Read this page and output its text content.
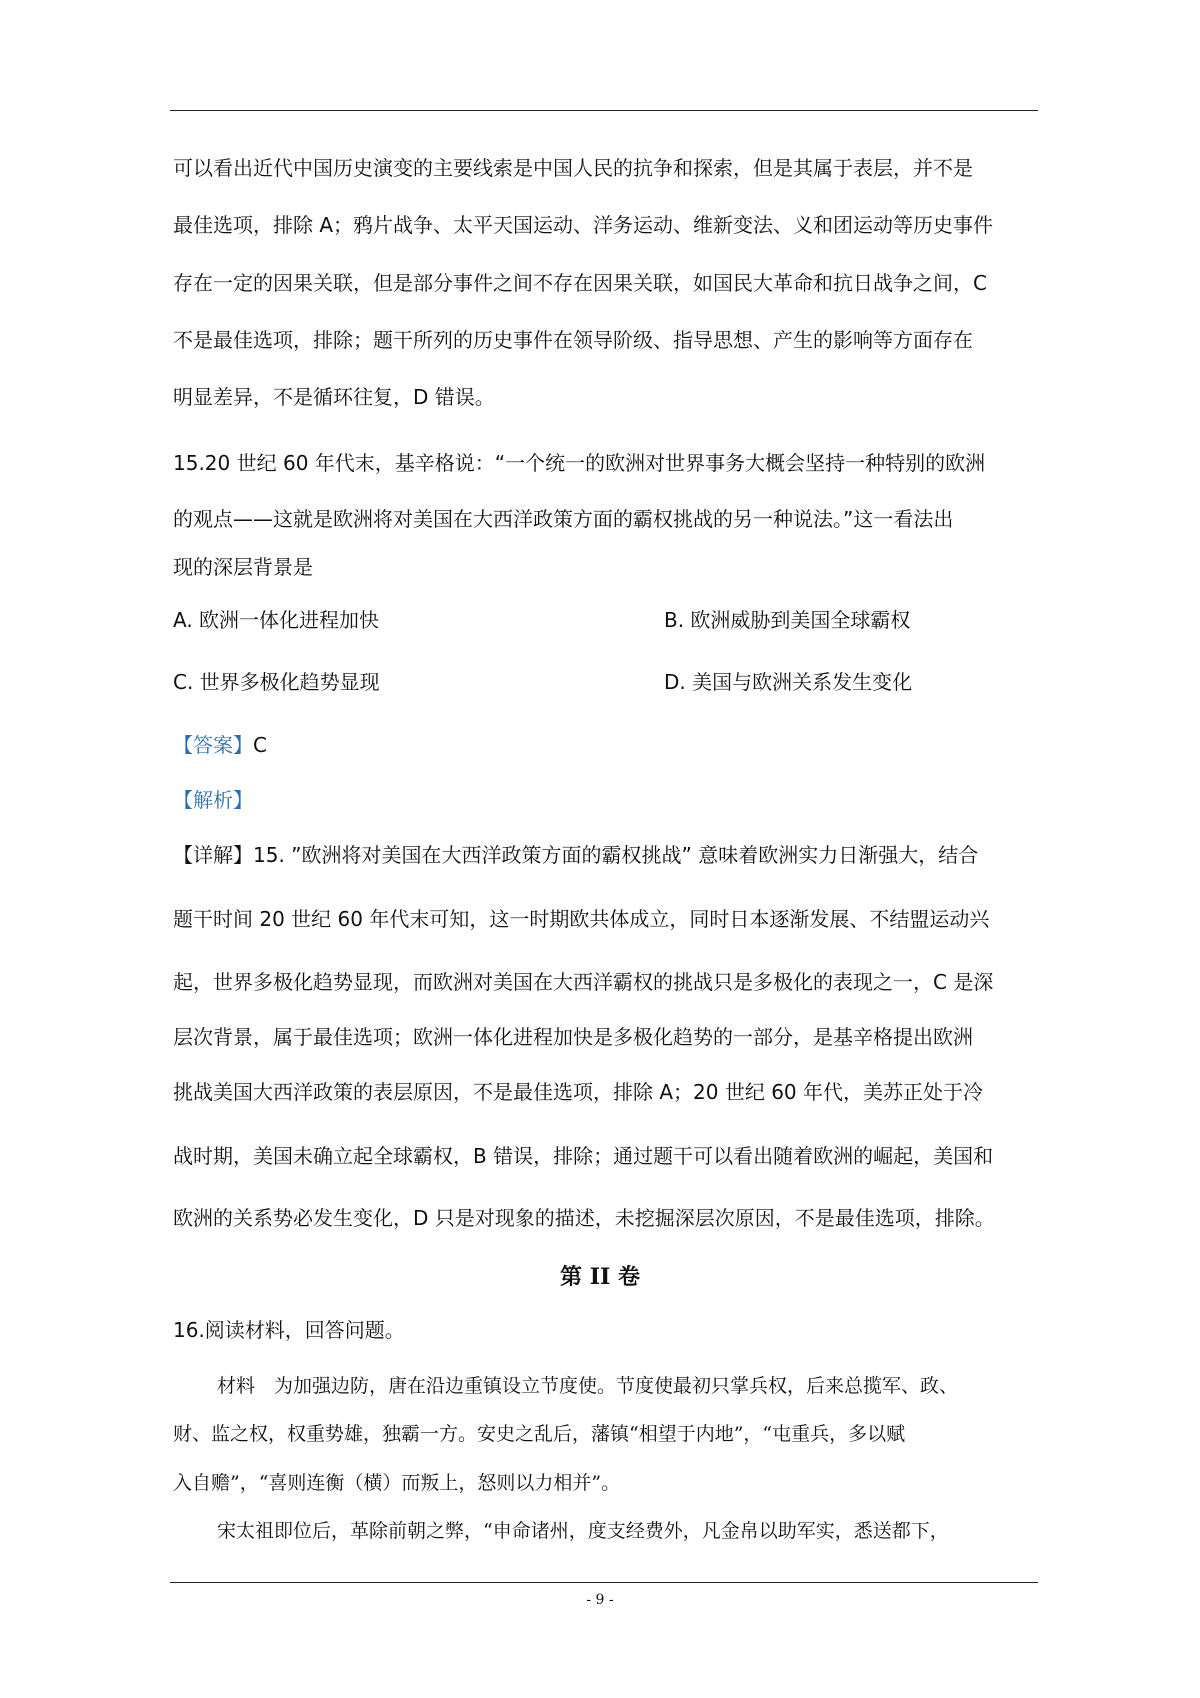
可以看出近代中国历史演变的主要线索是中国人民的抗争和探索，但是其属于表层，并不是
最佳选项，排除 A；鸦片战争、太平天国运动、洋务运动、维新变法、义和团运动等历史事件
存在一定的因果关联，但是部分事件之间不存在因果关联，如国民大革命和抗日战争之间，C
不是最佳选项，排除；题干所列的历史事件在领导阶级、指导思想、产生的影响等方面存在
明显差异，不是循环往复，D 错误。
15.20 世纪 60 年代末，基辛格说：“一个统一的欧洲对世界事务大概会坚持一种特别的欧洲
的观点——这就是欧洲将对美国在大西洋政策方面的霸权挑战的另一种说法。”这一看法出
现的深层背景是
A. 欧洲一体化进程加快	B. 欧洲威胁到美国全球霸权
C. 世界多极化趋势显现	D. 美国与欧洲关系发生变化
【答案】C
【解析】
【详解】15. ”欧洲将对美国在大西洋政策方面的霸权挑战” 意味着欧洲实力日渐强大，结合
题干时间 20 世纪 60 年代末可知，这一时期欧共体成立，同时日本逐渐发展、不结盟运动兴
起，世界多极化趋势显现，而欧洲对美国在大西洋霸权的挑战只是多极化的表现之一，C 是深
层次背景，属于最佳选项；欧洲一体化进程加快是多极化趋势的一部分，是基辛格提出欧洲
挑战美国大西洋政策的表层原因，不是最佳选项，排除 A；20 世纪 60 年代，美苏正处于冷
战时期，美国未确立起全球霸权，B 错误，排除；通过题干可以看出随着欧洲的崛起，美国和
欧洲的关系势必发生变化，D 只是对现象的描述，未挖掘深层次原因，不是最佳选项，排除。
第 II 卷
16.阅读材料，回答问题。
材料　为加强边防，唐在沿边重镇设立节度使。节度使最初只掌兵权，后来总揽军、政、
财、监之权，权重势雄，独霸一方。安史之乱后，藩镇“相望于内地”，“屯重兵，多以赋
入自赡”，“喜则连衡（横）而叛上，怒则以力相并”。
宋太祖即位后，革除前朝之弊，“申命诸州，度支经费外，凡金帛以助军实，悉送都下，
- 9 -
